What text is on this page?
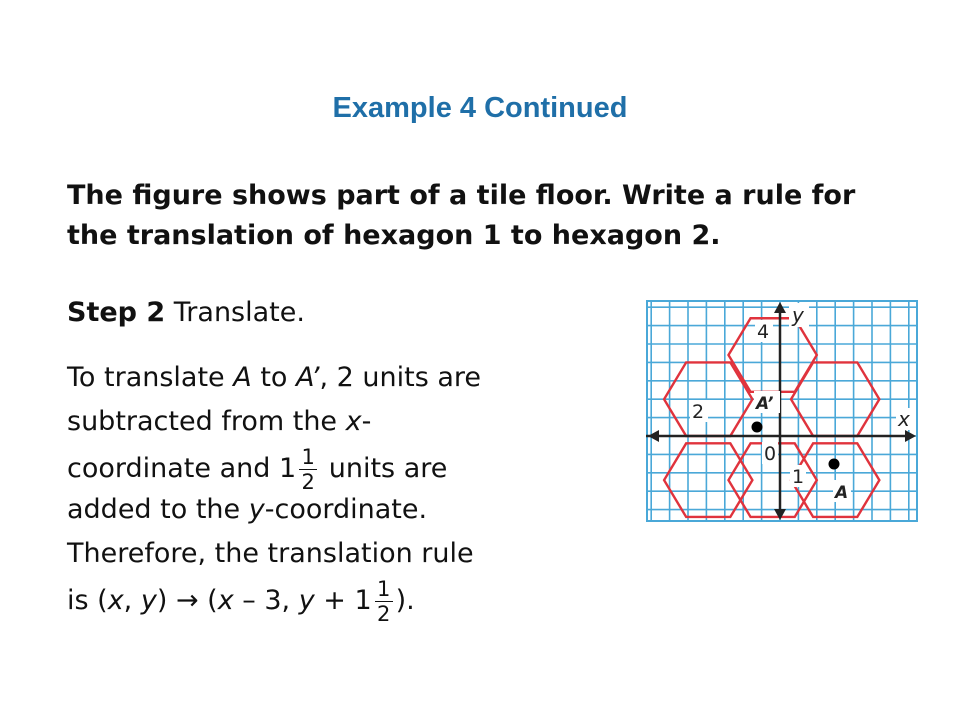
Example 4 Continued

The figure shows part of a tile floor. Write a rule for the translation of hexagon 1 to hexagon 2.

Step 2 Translate.
To translate A to A’, 2 units are
subtracted from the x-
coordinate and $1 \frac{1}{2}$ units are
added to the y-coordinate.
Therefore, the translation rule
is (x, y) → (x – 3, $y + 1 \frac{1}{2}$ ).
y
x
4
0
2
1
A’
A
